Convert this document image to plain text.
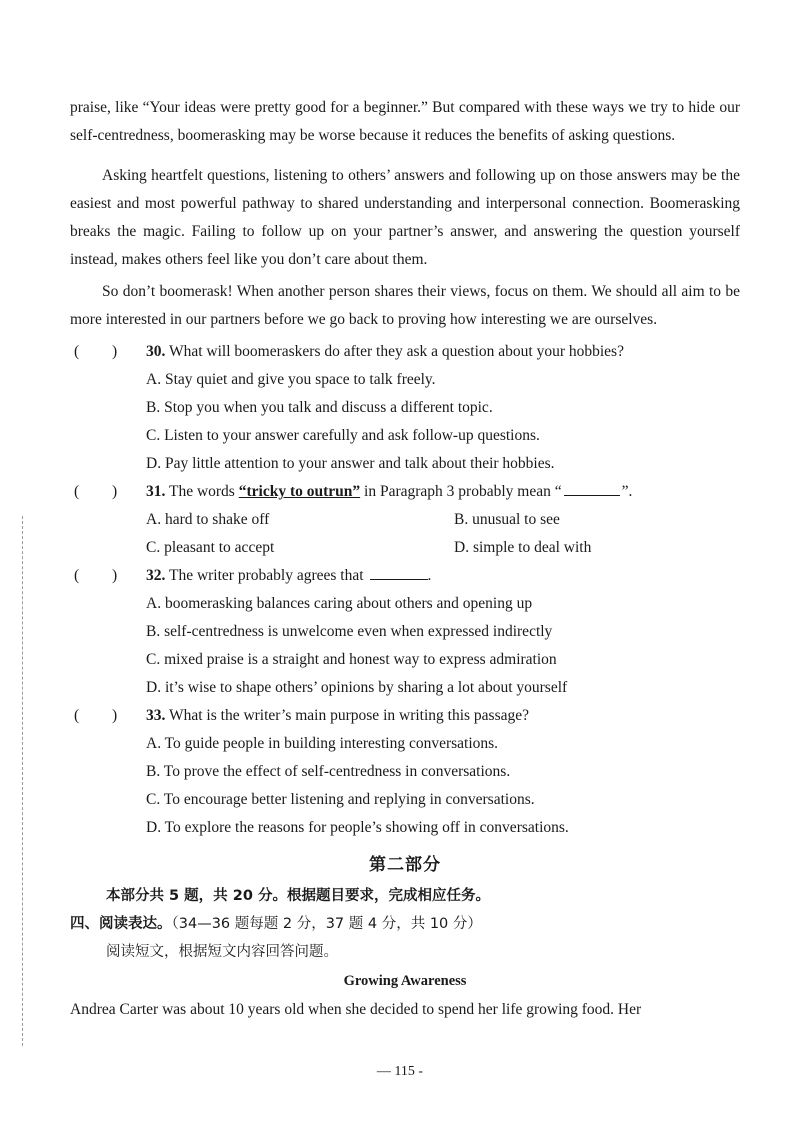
praise, like “Your ideas were pretty good for a beginner.” But compared with these ways we try to hide our self-centredness, boomerasking may be worse because it reduces the benefits of asking questions.

Asking heartfelt questions, listening to others’ answers and following up on those answers may be the easiest and most powerful pathway to shared understanding and interpersonal connection. Boomerasking breaks the magic. Failing to follow up on your partner’s answer, and answering the question yourself instead, makes others feel like you don’t care about them.

So don’t boomerask! When another person shares their views, focus on them. We should all aim to be more interested in our partners before we go back to proving how interesting we are ourselves.

( ) 30. What will boomeraskers do after they ask a question about your hobbies?
A. Stay quiet and give you space to talk freely.
B. Stop you when you talk and discuss a different topic.
C. Listen to your answer carefully and ask follow-up questions.
D. Pay little attention to your answer and talk about their hobbies.
( ) 31. The words “tricky to outrun” in Paragraph 3 probably mean “	”.
A. hard to shake off	B. unusual to see
C. pleasant to accept	D. simple to deal with
( ) 32. The writer probably agrees that	.
A. boomerasking balances caring about others and opening up
B. self-centredness is unwelcome even when expressed indirectly
C. mixed praise is a straight and honest way to express admiration
D. it’s wise to shape others’ opinions by sharing a lot about yourself
( ) 33. What is the writer’s main purpose in writing this passage?
A. To guide people in building interesting conversations.
B. To prove the effect of self-centredness in conversations.
C. To encourage better listening and replying in conversations.
D. To explore the reasons for people’s showing off in conversations.
第二部分
本部分共 5 题，共 20 分。根据题目要求，完成相应任务。
四、阅读表达。（34—36 题每题 2 分，37 题 4 分，共 10 分）
阅读短文，根据短文内容回答问题。
Growing Awareness

Andrea Carter was about 10 years old when she decided to spend her life growing food. Her

— 115 -
